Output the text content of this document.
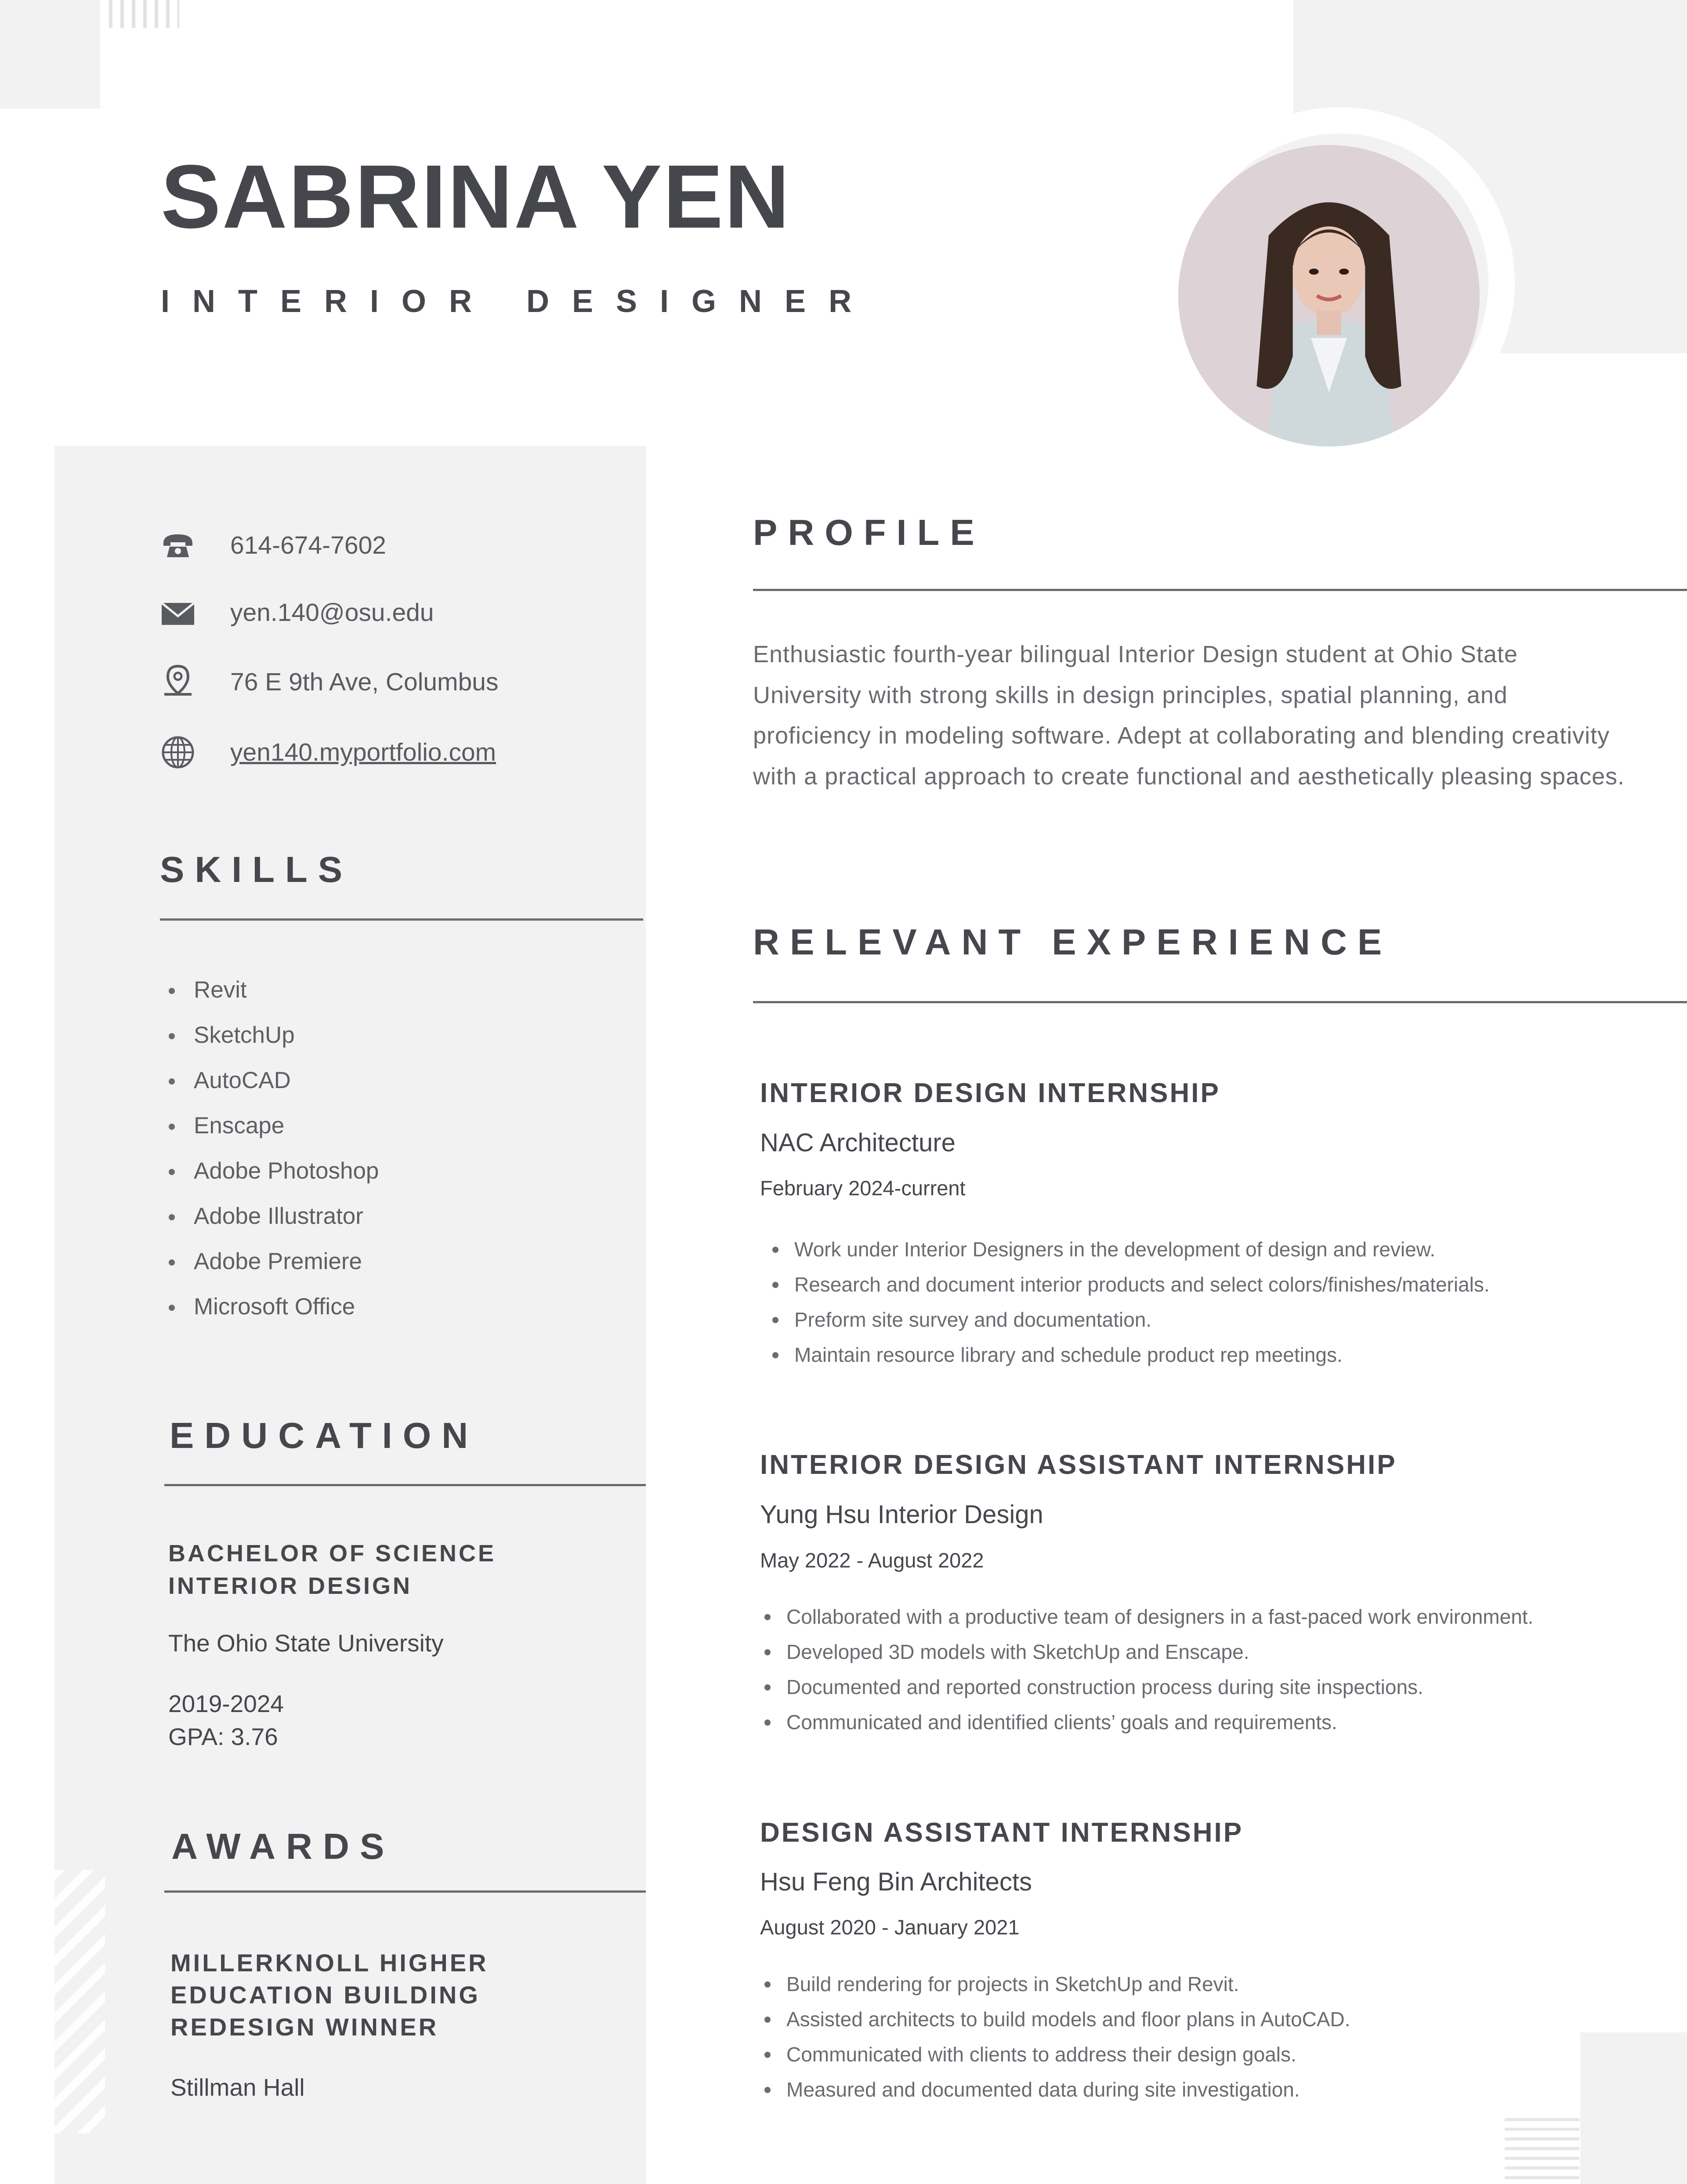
SABRINA YEN
INTERIOR DESIGNER
614-674-7602
yen.140@osu.edu
76 E 9th Ave, Columbus
yen140.myportfolio.com
SKILLS
Revit
SketchUp
AutoCAD
Enscape
Adobe Photoshop
Adobe Illustrator
Adobe Premiere
Microsoft Office
EDUCATION
BACHELOR OF SCIENCE
INTERIOR DESIGN
The Ohio State University
2019-2024
GPA: 3.76
AWARDS
MILLERKNOLL HIGHER
EDUCATION BUILDING
REDESIGN WINNER
Stillman Hall
PROFILE
Enthusiastic fourth-year bilingual Interior Design student at Ohio State University with strong skills in design principles, spatial planning, and proficiency in modeling software. Adept at collaborating and blending creativity with a practical approach to create functional and aesthetically pleasing spaces.
RELEVANT EXPERIENCE
INTERIOR DESIGN INTERNSHIP
NAC Architecture
February 2024-current
Work under Interior Designers in the development of design and review.
Research and document interior products and select colors/finishes/materials.
Preform site survey and documentation.
Maintain resource library and schedule product rep meetings.
INTERIOR DESIGN ASSISTANT INTERNSHIP
Yung Hsu Interior Design
May 2022 - August 2022
Collaborated with a productive team of designers in a fast-paced work environment.
Developed 3D models with SketchUp and Enscape.
Documented and reported construction process during site inspections.
Communicated and identified clients’ goals and requirements.
DESIGN ASSISTANT INTERNSHIP
Hsu Feng Bin Architects
August 2020 - January 2021
Build rendering for projects in SketchUp and Revit.
Assisted architects to build models and floor plans in AutoCAD.
Communicated with clients to address their design goals.
Measured and documented data during site investigation.
